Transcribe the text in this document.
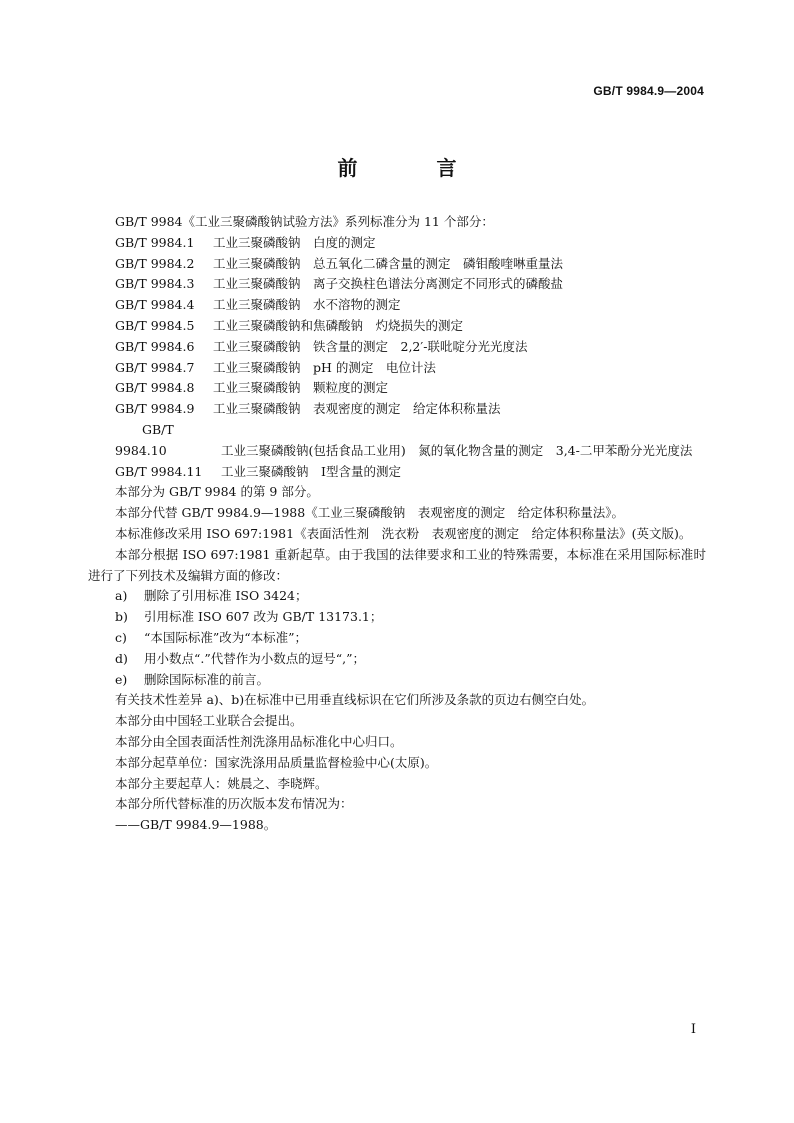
GB/T 9984.9—2004
前 言
GB/T 9984《工业三聚磷酸钠试验方法》系列标准分为 11 个部分：
GB/T 9984.1 工业三聚磷酸钠　白度的测定
GB/T 9984.2 工业三聚磷酸钠　总五氧化二磷含量的测定　磷钼酸喹啉重量法
GB/T 9984.3 工业三聚磷酸钠　离子交换柱色谱法分离测定不同形式的磷酸盐
GB/T 9984.4 工业三聚磷酸钠　水不溶物的测定
GB/T 9984.5 工业三聚磷酸钠和焦磷酸钠　灼烧损失的测定
GB/T 9984.6 工业三聚磷酸钠　铁含量的测定　2,2′-联吡啶分光光度法
GB/T 9984.7 工业三聚磷酸钠　pH 的测定　电位计法
GB/T 9984.8 工业三聚磷酸钠　颗粒度的测定
GB/T 9984.9 工业三聚磷酸钠　表观密度的测定　给定体积称量法
GB/T 9984.10	工业三聚磷酸钠(包括食品工业用)　氮的氧化物含量的测定　3,4-二甲苯酚分光光度法
GB/T 9984.11 工业三聚磷酸钠　Ⅰ型含量的测定
本部分为 GB/T 9984 的第 9 部分。
本部分代替 GB/T 9984.9—1988《工业三聚磷酸钠　表观密度的测定　给定体积称量法》。
本标准修改采用 ISO 697:1981《表面活性剂　洗衣粉　表观密度的测定　给定体积称量法》(英文版)。
本部分根据 ISO 697:1981 重新起草。由于我国的法律要求和工业的特殊需要，本标准在采用国际标准时进行了下列技术及编辑方面的修改：
a) 删除了引用标准 ISO 3424；
b) 引用标准 ISO 607 改为 GB/T 13173.1；
c) “本国际标准”改为“本标准”；
d) 用小数点“.”代替作为小数点的逗号“,”；
e) 删除国际标准的前言。
有关技术性差异 a)、b)在标准中已用垂直线标识在它们所涉及条款的页边右侧空白处。
本部分由中国轻工业联合会提出。
本部分由全国表面活性剂洗涤用品标准化中心归口。
本部分起草单位：国家洗涤用品质量监督检验中心(太原)。
本部分主要起草人：姚晨之、李晓辉。
本部分所代替标准的历次版本发布情况为：
——GB/T 9984.9—1988。
I
